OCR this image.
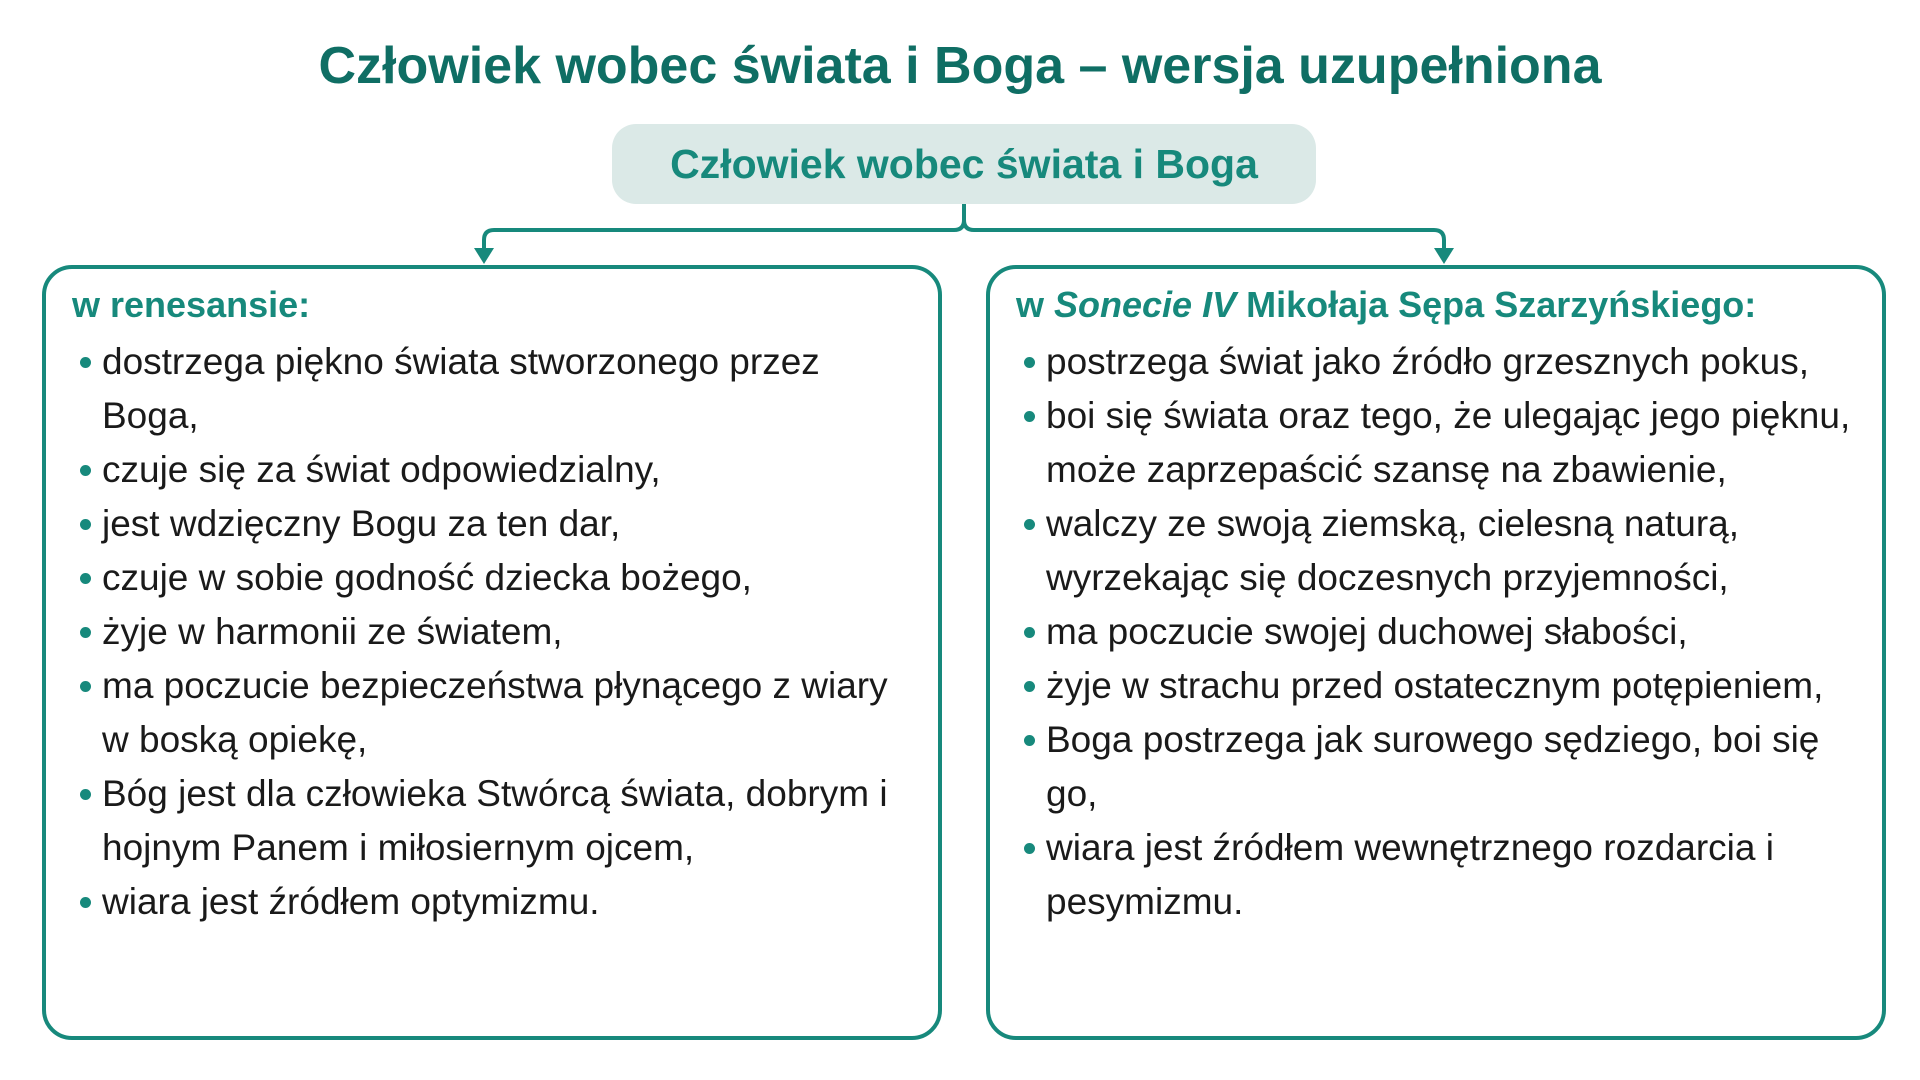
Człowiek wobec świata i Boga – wersja uzupełniona
Człowiek wobec świata i Boga
w renesansie:
dostrzega piękno świata stworzonego przez Boga,
czuje się za świat odpowiedzialny,
jest wdzięczny Bogu za ten dar,
czuje w sobie godność dziecka bożego,
żyje w harmonii ze światem,
ma poczucie bezpieczeństwa płynącego z wiary w boską opiekę,
Bóg jest dla człowieka Stwórcą świata, dobrym i hojnym Panem i miłosiernym ojcem,
wiara jest źródłem optymizmu.
w Sonecie IV Mikołaja Sępa Szarzyńskiego:
postrzega świat jako źródło grzesznych pokus,
boi się świata oraz tego, że ulegając jego pięknu, może zaprzepaścić szansę na zbawienie,
walczy ze swoją ziemską, cielesną naturą, wyrzekając się doczesnych przyjemności,
ma poczucie swojej duchowej słabości,
żyje w strachu przed ostatecznym potępieniem,
Boga postrzega jak surowego sędziego, boi się go,
wiara jest źródłem wewnętrznego rozdarcia i pesymizmu.
